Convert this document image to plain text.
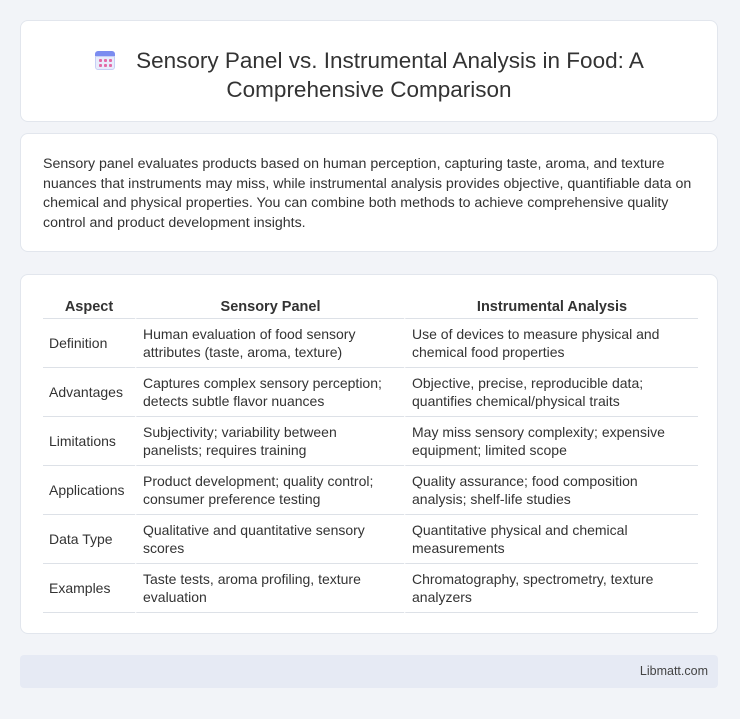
Sensory Panel vs. Instrumental Analysis in Food: A
Comprehensive Comparison
Sensory panel evaluates products based on human perception, capturing taste, aroma, and texture nuances that instruments may miss, while instrumental analysis provides objective, quantifiable data on chemical and physical properties. You can combine both methods to achieve comprehensive quality control and product development insights.
Aspect	Sensory Panel	Instrumental Analysis
Definition	Human evaluation of food sensory attributes (taste, aroma, texture)	Use of devices to measure physical and chemical food properties
Advantages	Captures complex sensory perception; detects subtle flavor nuances	Objective, precise, reproducible data; quantifies chemical/physical traits
Limitations	Subjectivity; variability between panelists; requires training	May miss sensory complexity; expensive equipment; limited scope
Applications	Product development; quality control; consumer preference testing	Quality assurance; food composition analysis; shelf-life studies
Data Type	Qualitative and quantitative sensory scores	Quantitative physical and chemical measurements
Examples	Taste tests, aroma profiling, texture evaluation	Chromatography, spectrometry, texture analyzers
Libmatt.com
